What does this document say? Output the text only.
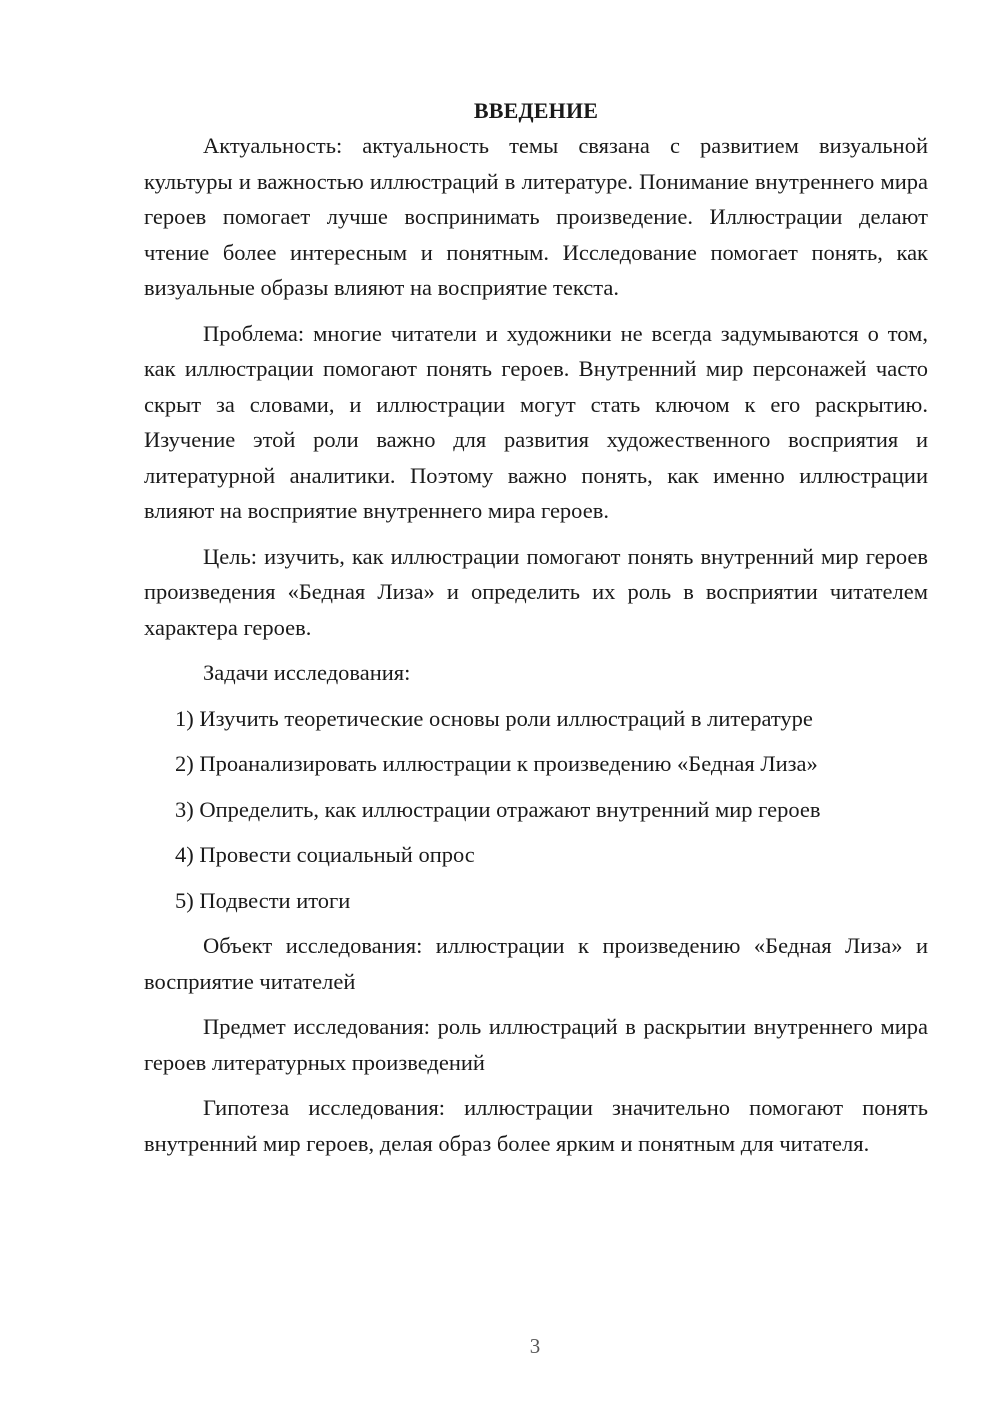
ВВЕДЕНИЕ

Актуальность: актуальность темы связана с развитием визуальной культуры и важностью иллюстраций в литературе. Понимание внутреннего мира героев помогает лучше воспринимать произведение. Иллюстрации делают чтение более интересным и понятным. Исследование помогает понять, как визуальные образы влияют на восприятие текста.

Проблема: многие читатели и художники не всегда задумываются о том, как иллюстрации помогают понять героев. Внутренний мир персонажей часто скрыт за словами, и иллюстрации могут стать ключом к его раскрытию. Изучение этой роли важно для развития художественного восприятия и литературной аналитики. Поэтому важно понять, как именно иллюстрации влияют на восприятие внутреннего мира героев.

Цель: изучить, как иллюстрации помогают понять внутренний мир героев произведения «Бедная Лиза» и определить их роль в восприятии читателем характера героев.

Задачи исследования:

1) Изучить теоретические основы роли иллюстраций в литературе
2) Проанализировать иллюстрации к произведению «Бедная Лиза»
3) Определить, как иллюстрации отражают внутренний мир героев
4) Провести социальный опрос
5) Подвести итоги

Объект исследования: иллюстрации к произведению «Бедная Лиза» и восприятие читателей

Предмет исследования: роль иллюстраций в раскрытии внутреннего мира героев литературных произведений

Гипотеза исследования: иллюстрации значительно помогают понять внутренний мир героев, делая образ более ярким и понятным для читателя.

3
